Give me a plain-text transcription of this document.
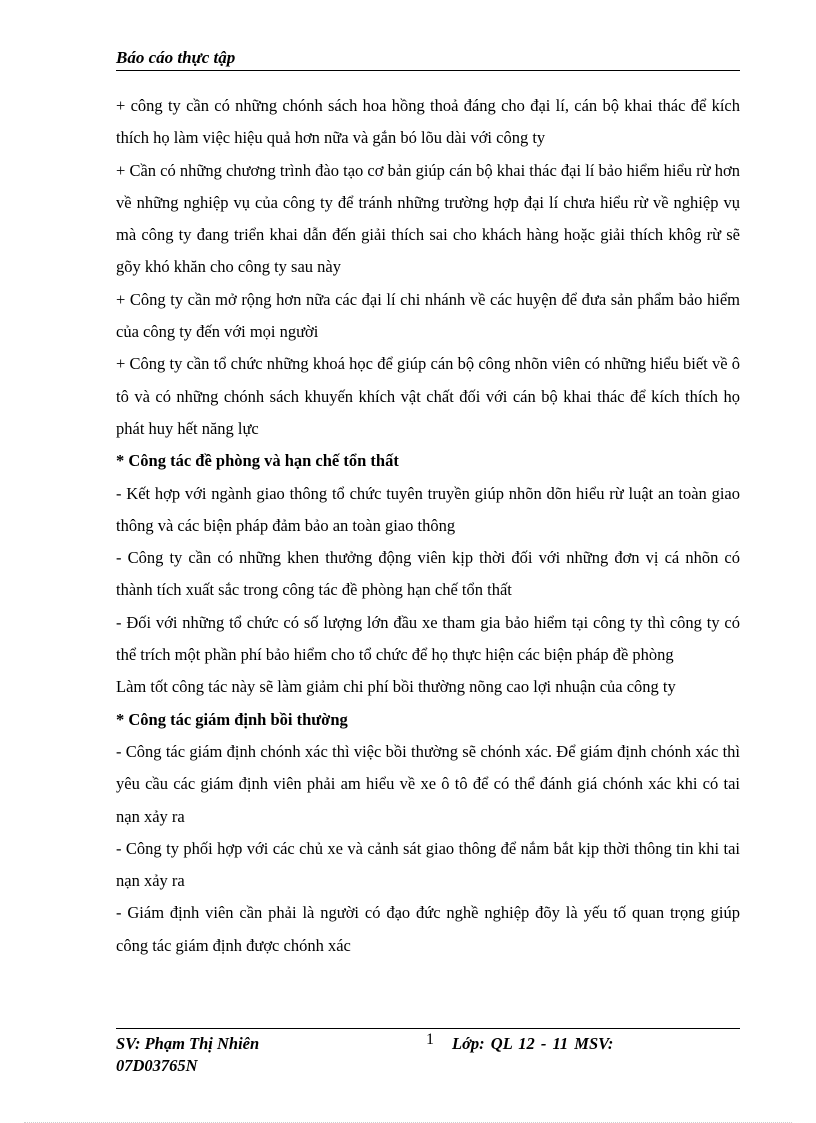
Báo cáo thực tập

+ công ty cần có những chónh sách hoa hồng thoả đáng cho đại lí, cán bộ khai thác để kích thích họ làm việc hiệu quả hơn nữa và gắn bó lõu dài với công ty

+ Cần có những chương trình đào tạo cơ bản giúp cán bộ khai thác đại lí bảo hiểm hiểu rừ hơn về những nghiệp vụ của công ty để tránh những trường hợp đại lí chưa hiểu rừ về nghiệp vụ mà công ty đang triển khai dẫn đến giải thích sai cho khách hàng hoặc giải thích khôg rừ sẽ gõy khó khăn cho công ty sau này

+ Công ty cần mở rộng hơn nữa các đại lí chi nhánh về các huyện để đưa sản phẩm bảo hiểm của công ty đến với mọi người

+ Công ty cần tổ chức những khoá học để giúp cán bộ công nhõn viên có những hiểu biết về ô tô và có những chónh sách khuyến khích vật chất đối với cán bộ khai thác để kích thích họ phát huy hết năng lực

* Công tác đề phòng và hạn chế tổn thất

- Kết hợp với ngành giao thông tổ chức tuyên truyền giúp nhõn dõn hiểu rừ luật an toàn giao thông và các biện pháp đảm bảo an toàn giao thông

- Công ty cần có những khen thưởng động viên kịp thời đối với những đơn vị cá nhõn có thành tích xuất sắc trong công tác đề phòng hạn chế tổn thất

- Đối với những tổ chức có số lượng lớn đầu xe tham gia bảo hiểm tại công ty thì công ty có thể trích một phần phí bảo hiểm cho tổ chức để họ thực hiện các biện pháp đề phòng

Làm tốt công tác này sẽ làm giảm chi phí bồi thường nõng cao lợi nhuận của công ty

* Công tác giám định bồi thường

- Công tác giám định chónh xác thì việc bồi thường sẽ chónh xác. Để giám định chónh xác thì yêu cầu các giám định viên phải am hiểu về xe ô tô để có thể đánh giá chónh xác khi có tai nạn xảy ra

- Công ty phối hợp với các chủ xe và cảnh sát giao thông để nắm bắt kịp thời thông tin khi tai nạn xảy ra

- Giám định viên cần phải là người có đạo đức nghề nghiệp đõy là yếu tố quan trọng giúp công tác giám định được chónh xác

SV: Phạm Thị Nhiên
07D03765N
1 Lớp: QL 12 - 11 MSV:
